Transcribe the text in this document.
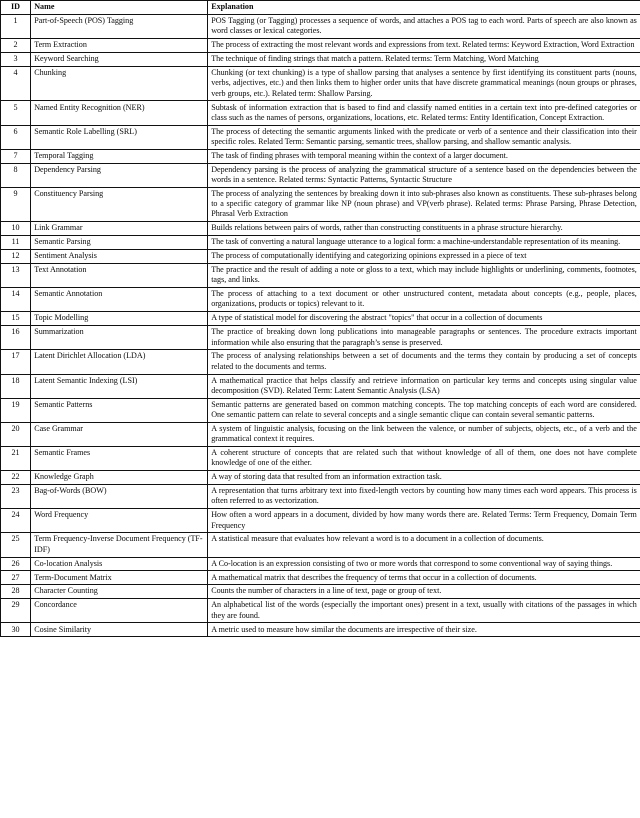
ID	Name	Explanation
1	Part-of-Speech (POS) Tagging	POS Tagging (or Tagging) processes a sequence of words, and attaches a POS tag to each word. Parts of speech are also known as word classes or lexical categories.
2	Term Extraction	The process of extracting the most relevant words and expressions from text. Related terms: Keyword Extraction, Word Extraction
3	Keyword Searching	The technique of finding strings that match a pattern. Related terms: Term Matching, Word Matching
4	Chunking	Chunking (or text chunking) is a type of shallow parsing that analyses a sentence by first identifying its constituent parts (nouns, verbs, adjectives, etc.) and then links them to higher order units that have discrete grammatical meanings (noun groups or phrases, verb groups, etc.). Related term: Shallow Parsing.
5	Named Entity Recognition (NER)	Subtask of information extraction that is based to find and classify named entities in a certain text into pre-defined categories or class such as the names of persons, organizations, locations, etc. Related terms: Entity Identification, Concept Extraction.
6	Semantic Role Labelling (SRL)	The process of detecting the semantic arguments linked with the predicate or verb of a sentence and their classification into their specific roles. Related Term: Semantic parsing, semantic trees, shallow parsing, and shallow semantic analysis.
7	Temporal Tagging	The task of finding phrases with temporal meaning within the context of a larger document.
8	Dependency Parsing	Dependency parsing is the process of analyzing the grammatical structure of a sentence based on the dependencies between the words in a sentence. Related terms: Syntactic Patterns, Syntactic Structure
9	Constituency Parsing	The process of analyzing the sentences by breaking down it into sub-phrases also known as constituents. These sub-phrases belong to a specific category of grammar like NP (noun phrase) and VP(verb phrase). Related terms: Phrase Parsing, Phrase Detection, Phrasal Verb Extraction
10	Link Grammar	Builds relations between pairs of words, rather than constructing constituents in a phrase structure hierarchy.
11	Semantic Parsing	The task of converting a natural language utterance to a logical form: a machine-understandable representation of its meaning.
12	Sentiment Analysis	The process of computationally identifying and categorizing opinions expressed in a piece of text
13	Text Annotation	The practice and the result of adding a note or gloss to a text, which may include highlights or underlining, comments, footnotes, tags, and links.
14	Semantic Annotation	The process of attaching to a text document or other unstructured content, metadata about concepts (e.g., people, places, organizations, products or topics) relevant to it.
15	Topic Modelling	A type of statistical model for discovering the abstract "topics" that occur in a collection of documents
16	Summarization	The practice of breaking down long publications into manageable paragraphs or sentences. The procedure extracts important information while also ensuring that the paragraph’s sense is preserved.
17	Latent Dirichlet Allocation (LDA)	The process of analysing relationships between a set of documents and the terms they contain by producing a set of concepts related to the documents and terms.
18	Latent Semantic Indexing (LSI)	A mathematical practice that helps classify and retrieve information on particular key terms and concepts using singular value decomposition (SVD). Related Term: Latent Semantic Analysis (LSA)
19	Semantic Patterns	Semantic patterns are generated based on common matching concepts. The top matching concepts of each word are considered. One semantic pattern can relate to several concepts and a single semantic clique can contain several semantic patterns.
20	Case Grammar	A system of linguistic analysis, focusing on the link between the valence, or number of subjects, objects, etc., of a verb and the grammatical context it requires.
21	Semantic Frames	A coherent structure of concepts that are related such that without knowledge of all of them, one does not have complete knowledge of one of the either.
22	Knowledge Graph	A way of storing data that resulted from an information extraction task.
23	Bag-of-Words (BOW)	A representation that turns arbitrary text into fixed-length vectors by counting how many times each word appears. This process is often referred to as vectorization.
24	Word Frequency	How often a word appears in a document, divided by how many words there are. Related Terms: Term Frequency, Domain Term Frequency
25	Term Frequency-Inverse Document Frequency (TF-IDF)	A statistical measure that evaluates how relevant a word is to a document in a collection of documents.
26	Co-location Analysis	A Co-location is an expression consisting of two or more words that correspond to some conventional way of saying things.
27	Term-Document Matrix	A mathematical matrix that describes the frequency of terms that occur in a collection of documents.
28	Character Counting	Counts the number of characters in a line of text, page or group of text.
29	Concordance	An alphabetical list of the words (especially the important ones) present in a text, usually with citations of the passages in which they are found.
30	Cosine Similarity	A metric used to measure how similar the documents are irrespective of their size.
